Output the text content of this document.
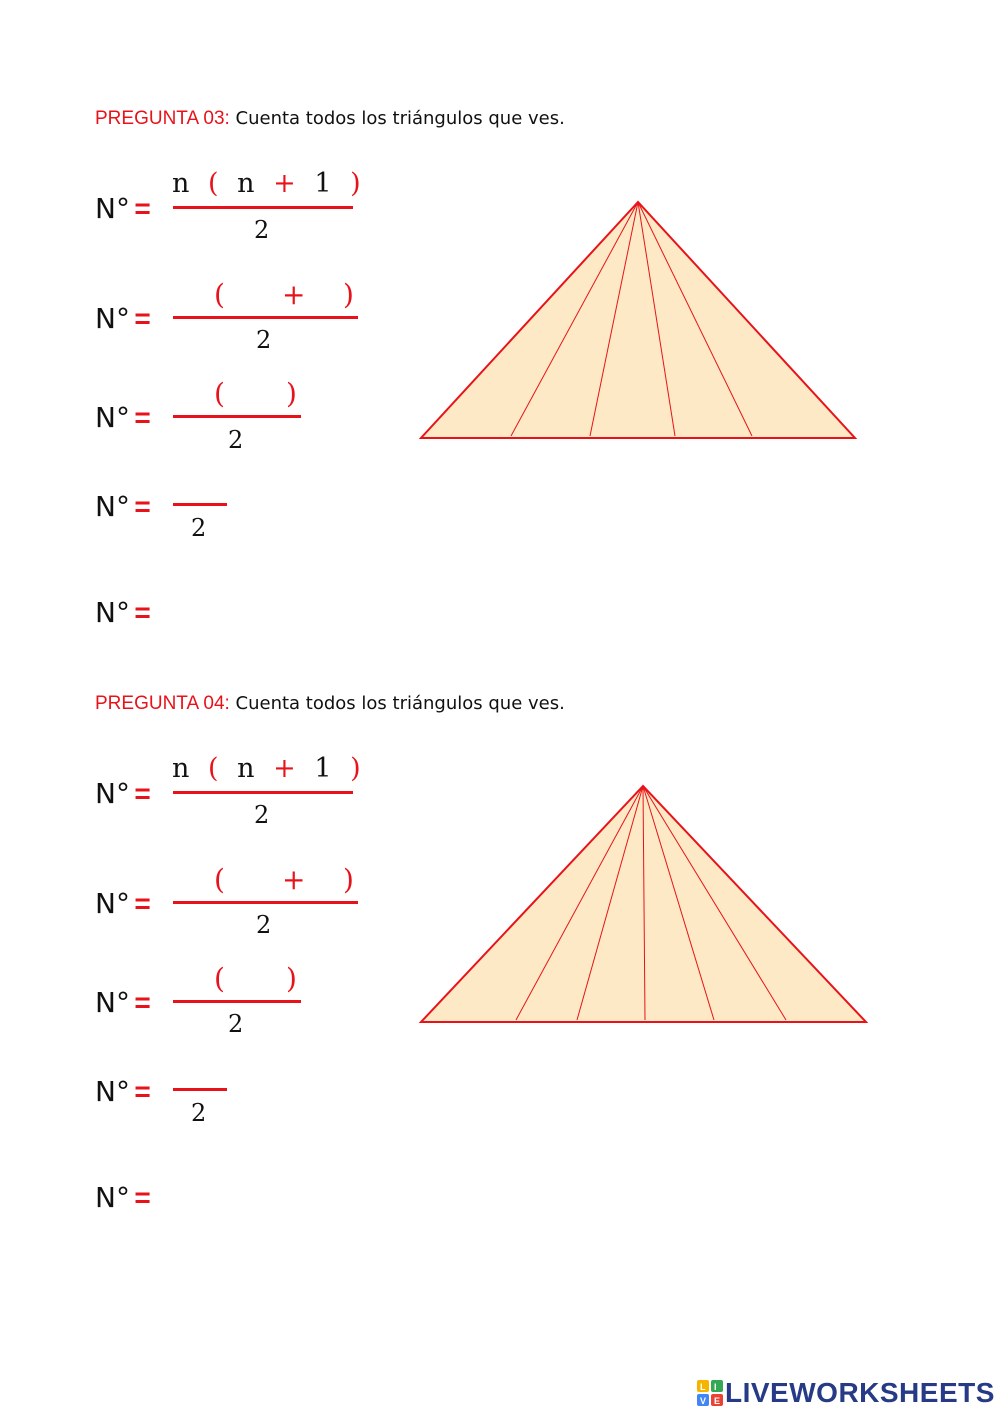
PREGUNTA 03: Cuenta todos los triángulos que ves.
N° =
n ( n + 1 )
2
N° =
( + )
2
N° =
( )
2
N° =
2
N° =
PREGUNTA 04: Cuenta todos los triángulos que ves.
N° =
n ( n + 1 )
2
N° =
( + )
2
N° =
( )
2
N° =
2
N° =
L I
V E LIVEWORKSHEETS
